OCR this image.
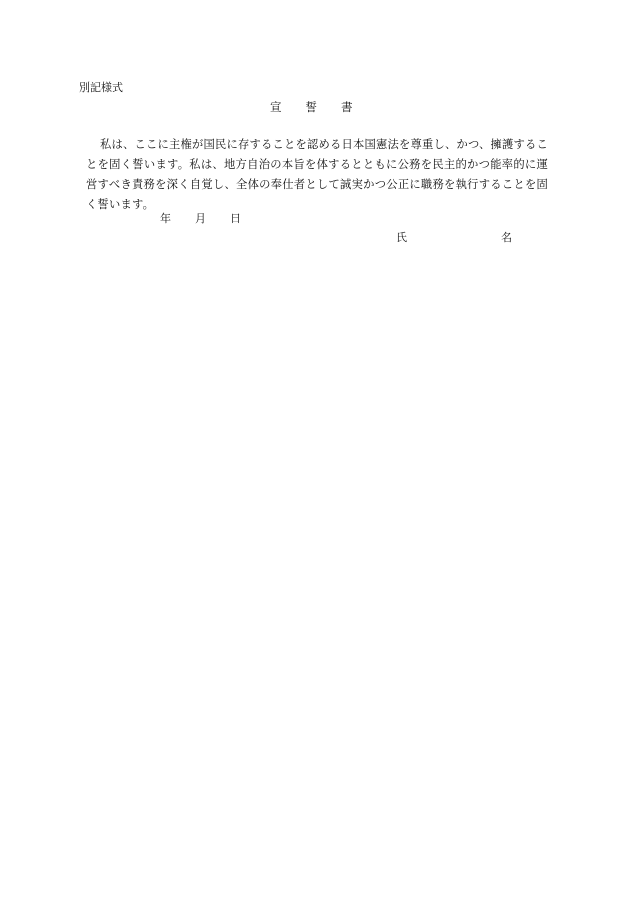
別記様式
宣 誓 書
私は、ここに主権が国民に存することを認める日本国憲法を尊重し、かつ、擁護することを固く誓います。私は、地方自治の本旨を体するとともに公務を民主的かつ能率的に運営すべき責務を深く自覚し、全体の奉仕者として誠実かつ公正に職務を執行することを固く誓います。
年 月 日
氏	名
